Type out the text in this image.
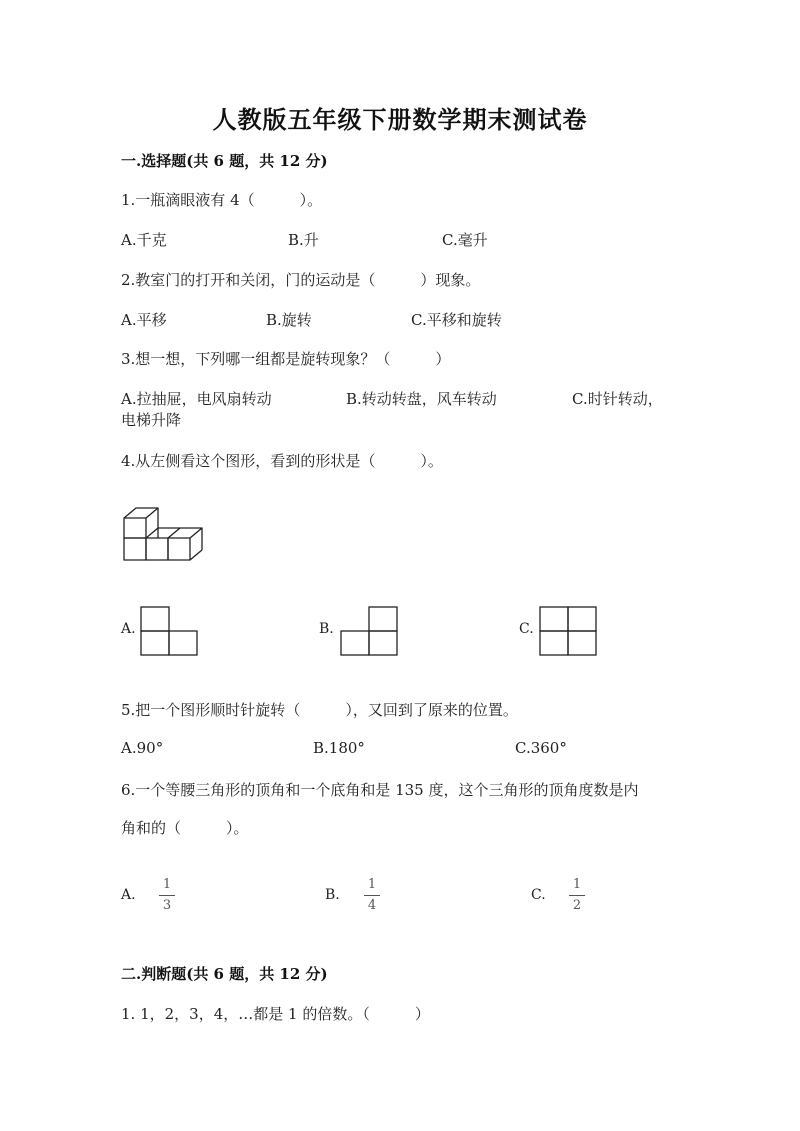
人教版五年级下册数学期末测试卷
一.选择题(共 6 题，共 12 分)
1.一瓶滴眼液有 4（　　　）。
A.千克	B.升	C.毫升
2.教室门的打开和关闭，门的运动是（　　　）现象。
A.平移	B.旋转	C.平移和旋转
3.想一想，下列哪一组都是旋转现象？（　　　）
A.拉抽屉，电风扇转动	B.转动转盘，风车转动	C.时针转动，
电梯升降
4.从左侧看这个图形，看到的形状是（　　　）。
A.	B.	C.
5.把一个图形顺时针旋转（　　　），又回到了原来的位置。
A.90°	B.180°	C.360°
6.一个等腰三角形的顶角和一个底角和是 135 度，这个三角形的顶角度数是内
角和的（　　　）。
A.
1
3
B.
1
4
C.
1
2
二.判断题(共 6 题，共 12 分)
1. 1，2，3，4，…都是 1 的倍数。（　　　）
